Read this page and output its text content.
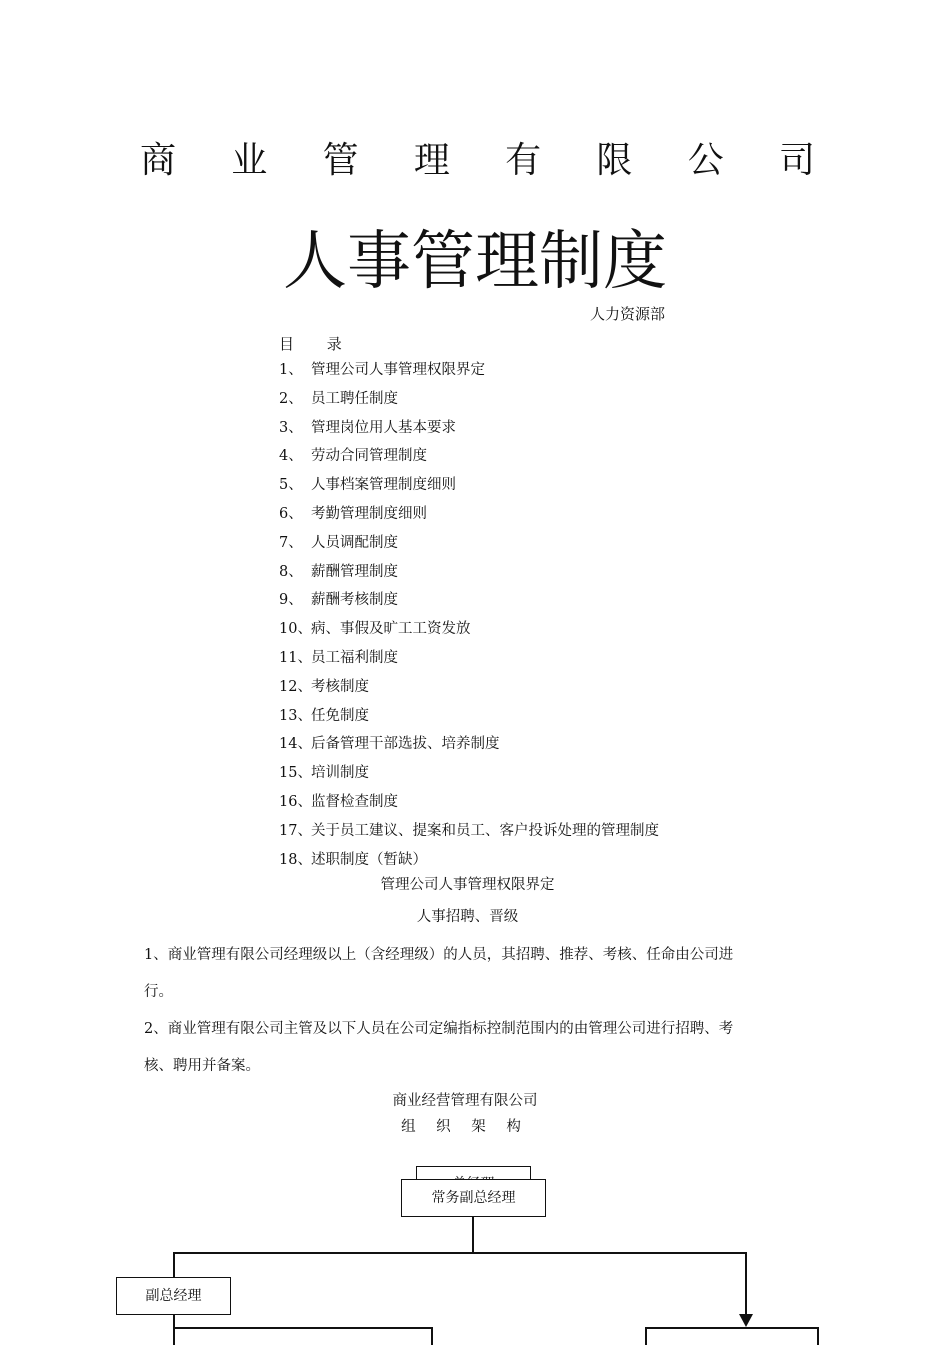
商 业 管 理 有 限 公 司
人事管理制度
人力资源部
目 录
1、 管理公司人事管理权限界定
2、 员工聘任制度
3、 管理岗位用人基本要求
4、 劳动合同管理制度
5、 人事档案管理制度细则
6、 考勤管理制度细则
7、 人员调配制度
8、 薪酬管理制度
9、 薪酬考核制度
10、 病、事假及旷工工资发放
11、 员工福利制度
12、 考核制度
13、 任免制度
14、 后备管理干部选拔、培养制度
15、 培训制度
16、 监督检查制度
17、 关于员工建议、提案和员工、客户投诉处理的管理制度
18、 述职制度（暂缺）
管理公司人事管理权限界定
人事招聘、晋级
1、商业管理有限公司经理级以上（含经理级）的人员，其招聘、推荐、考核、任命由公司进行。
2、商业管理有限公司主管及以下人员在公司定编指标控制范围内的由管理公司进行招聘、考核、聘用并备案。
商业经营管理有限公司
组 织 架 构
常务副总经理
副总经理
